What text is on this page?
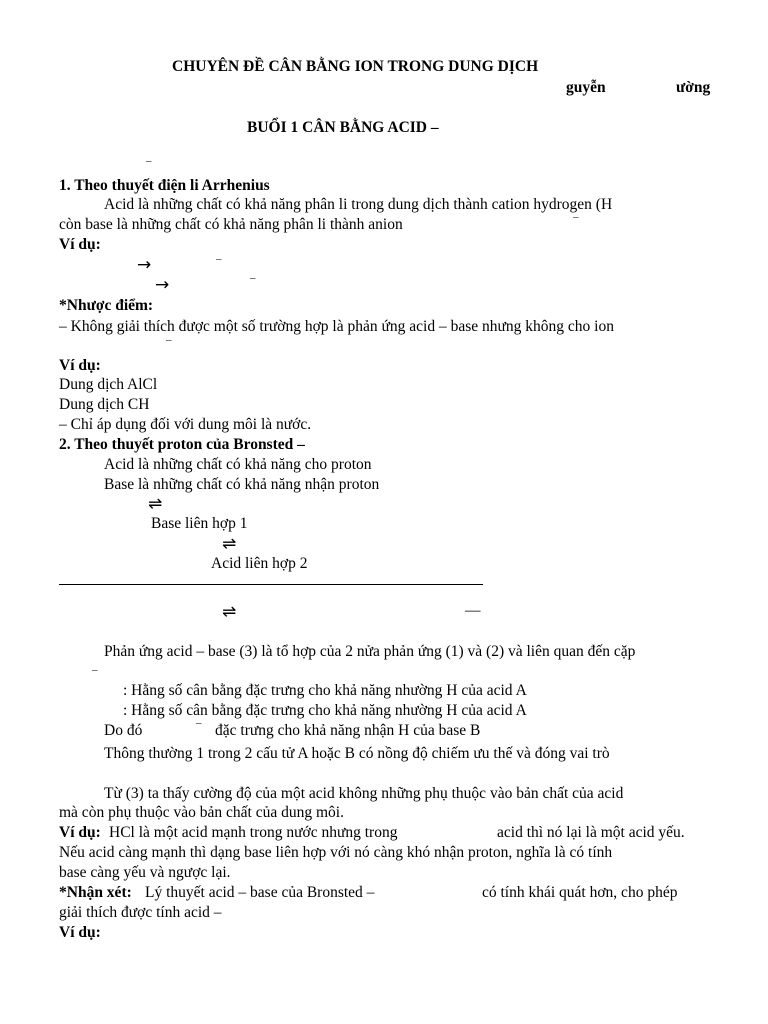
CHUYÊN ĐỀ CÂN BẰNG ION TRONG DUNG DỊCH
guyễn	ường
BUỔI 1 CÂN BẰNG ACID –
–
1. Theo thuyết điện li Arrhenius
Acid là những chất có khả năng phân li trong dung dịch thành cation hydrogen (H
còn base là những chất có khả năng phân li thành anion	–
Ví dụ:
→	–
→	–
*Nhược điểm:
– Không giải thích được một số trường hợp là phản ứng acid – base nhưng không cho ion
–
Ví dụ:
Dung dịch AlCl
Dung dịch CH
– Chỉ áp dụng đối với dung môi là nước.
2. Theo thuyết proton của Bronsted –
Acid là những chất có khả năng cho proton
Base là những chất có khả năng nhận proton
⇌
Base liên hợp 1
⇌
Acid liên hợp 2
⇌	—
Phản ứng acid – base (3) là tổ hợp của 2 nửa phản ứng (1) và (2) và liên quan đến cặp
–
: Hằng số cân bằng đặc trưng cho khả năng nhường H của acid A
: Hằng số cân bằng đặc trưng cho khả năng nhường H của acid A
Do đó	– đặc trưng cho khả năng nhận H của base B
Thông thường 1 trong 2 cấu tử A hoặc B có nồng độ chiếm ưu thế và đóng vai trò
Từ (3) ta thấy cường độ của một acid không những phụ thuộc vào bản chất của acid
mà còn phụ thuộc vào bản chất của dung môi.
Ví dụ: HCl là một acid mạnh trong nước nhưng trong	acid thì nó lại là một acid yếu.
Nếu acid càng mạnh thì dạng base liên hợp với nó càng khó nhận proton, nghĩa là có tính
base càng yếu và ngược lại.
*Nhận xét: Lý thuyết acid – base của Bronsted –	có tính khái quát hơn, cho phép
giải thích được tính acid –
Ví dụ:
